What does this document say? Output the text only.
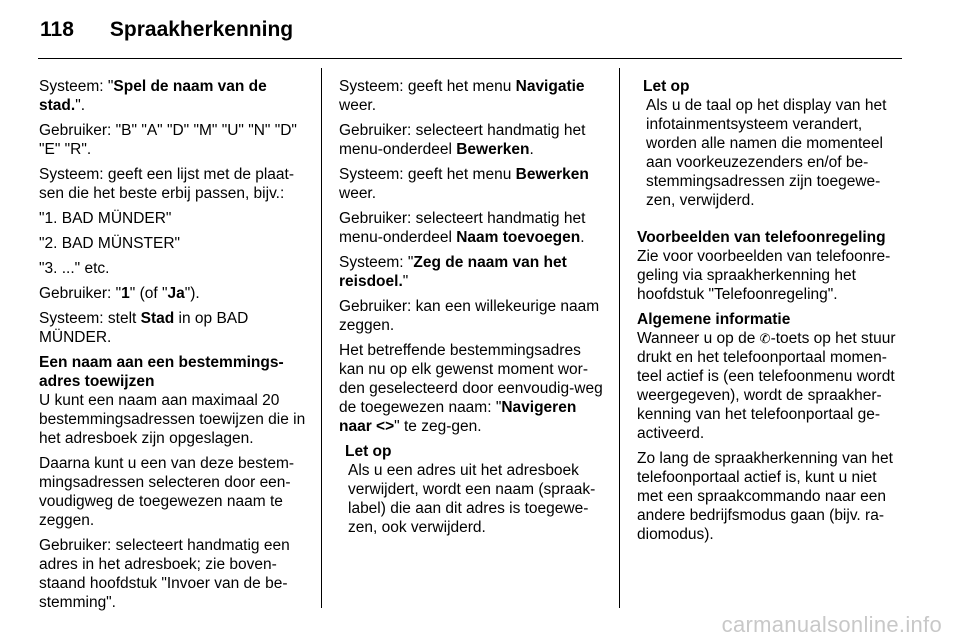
118 Spraakherkenning

Systeem: "Spel de naam van de stad.".

Gebruiker: "B" "A" "D" "M" "U" "N" "D" "E" "R".

Systeem: geeft een lijst met de plaat-sen die het beste erbij passen, bijv.:

"1. BAD MÜNDER"

"2. BAD MÜNSTER"

"3. ..." etc.

Gebruiker: "1" (of "Ja").

Systeem: stelt Stad in op BAD MÜNDER.

Een naam aan een bestemmings-adres toewijzen

U kunt een naam aan maximaal 20 bestemmingsadressen toewijzen die in het adresboek zijn opgeslagen.

Daarna kunt u een van deze bestem-mingsadressen selecteren door een-voudigweg de toegewezen naam te zeggen.

Gebruiker: selecteert handmatig een adres in het adresboek; zie boven-staand hoofdstuk "Invoer van de be-stemming".

Systeem: geeft het menu Navigatie weer.

Gebruiker: selecteert handmatig het menu-onderdeel Bewerken.

Systeem: geeft het menu Bewerken weer.

Gebruiker: selecteert handmatig het menu-onderdeel Naam toevoegen.

Systeem: "Zeg de naam van het reisdoel."

Gebruiker: kan een willekeurige naam zeggen.

Het betreffende bestemmingsadres kan nu op elk gewenst moment wor-den geselecteerd door eenvoudig-weg de toegewezen naam: "Navigeren naar <>" te zeg-gen.

Let op

Als u een adres uit het adresboek verwijdert, wordt een naam (spraak-label) die aan dit adres is toegewe-zen, ook verwijderd.

Let op

Als u de taal op het display van het infotainmentsysteem verandert, worden alle namen die momenteel aan voorkeuzezenders en/of be-stemmingsadressen zijn toegewe-zen, verwijderd.

Voorbeelden van telefoonregeling

Zie voor voorbeelden van telefoonre-geling via spraakherkenning het hoofdstuk "Telefoonregeling".

Algemene informatie

Wanneer u op de ✆-toets op het stuur drukt en het telefoonportaal momen-teel actief is (een telefoonmenu wordt weergegeven), wordt de spraakher-kenning van het telefoonportaal ge-activeerd.

Zo lang de spraakherkenning van het telefoonportaal actief is, kunt u niet met een spraakcommando naar een andere bedrijfsmodus gaan (bijv. ra-diomodus).

carmanualsonline.info
